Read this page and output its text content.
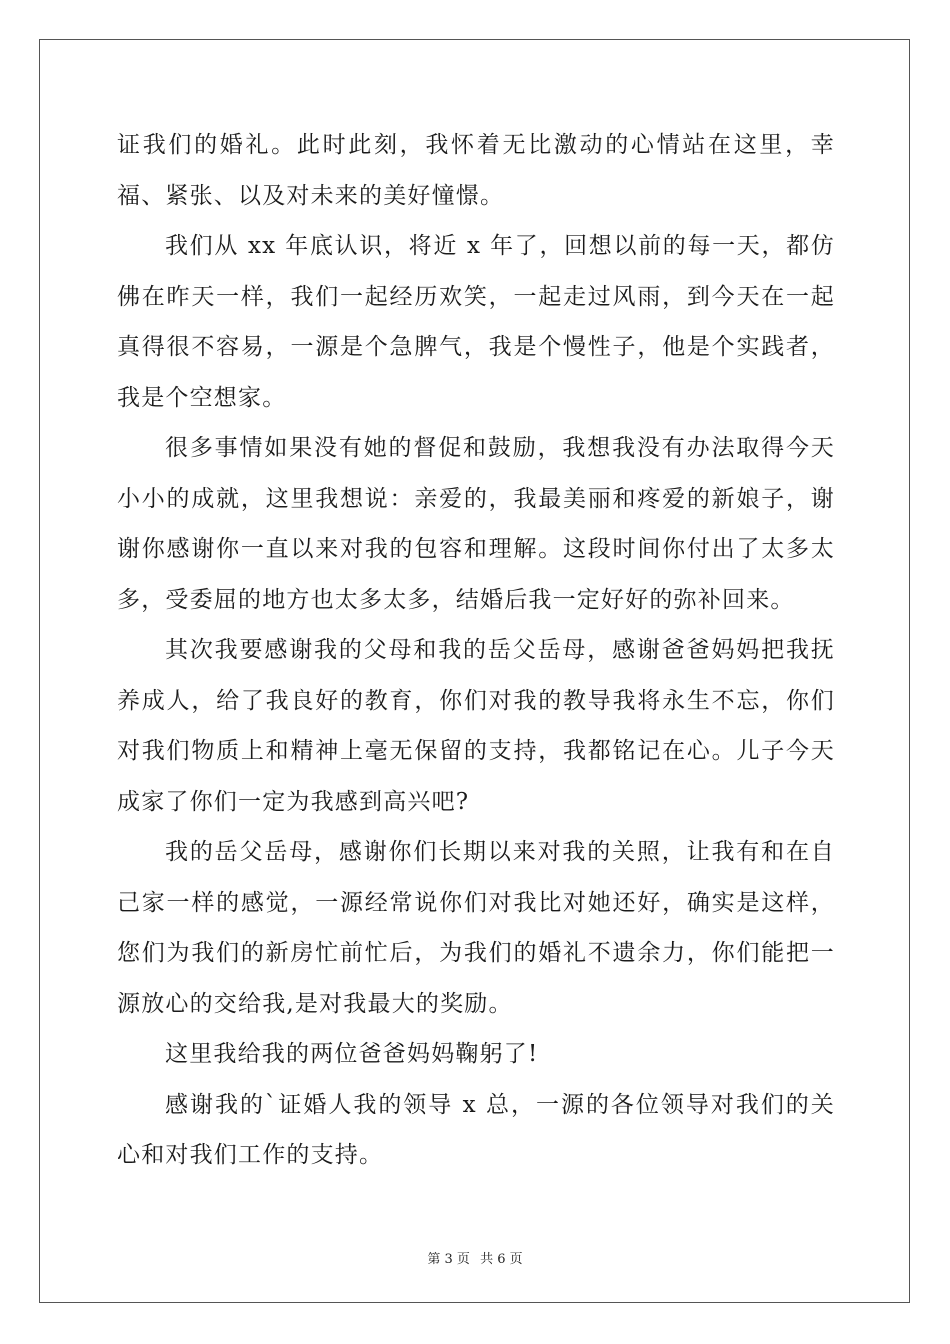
证我们的婚礼。此时此刻，我怀着无比激动的心情站在这里，幸福、紧张、以及对未来的美好憧憬。

我们从 xx 年底认识，将近 x 年了，回想以前的每一天，都仿佛在昨天一样，我们一起经历欢笑，一起走过风雨，到今天在一起真得很不容易，一源是个急脾气，我是个慢性子，他是个实践者，我是个空想家。

很多事情如果没有她的督促和鼓励，我想我没有办法取得今天小小的成就，这里我想说：亲爱的，我最美丽和疼爱的新娘子，谢谢你感谢你一直以来对我的包容和理解。这段时间你付出了太多太多，受委屈的地方也太多太多，结婚后我一定好好的弥补回来。

其次我要感谢我的父母和我的岳父岳母，感谢爸爸妈妈把我抚养成人，给了我良好的教育，你们对我的教导我将永生不忘，你们对我们物质上和精神上毫无保留的支持，我都铭记在心。儿子今天成家了你们一定为我感到高兴吧?

我的岳父岳母，感谢你们长期以来对我的关照，让我有和在自己家一样的感觉，一源经常说你们对我比对她还好，确实是这样，您们为我们的新房忙前忙后，为我们的婚礼不遗余力，你们能把一源放心的交给我,是对我最大的奖励。

这里我给我的两位爸爸妈妈鞠躬了!

感谢我的`证婚人我的领导 x 总，一源的各位领导对我们的关心和对我们工作的支持。

第 3 页 共 6 页
